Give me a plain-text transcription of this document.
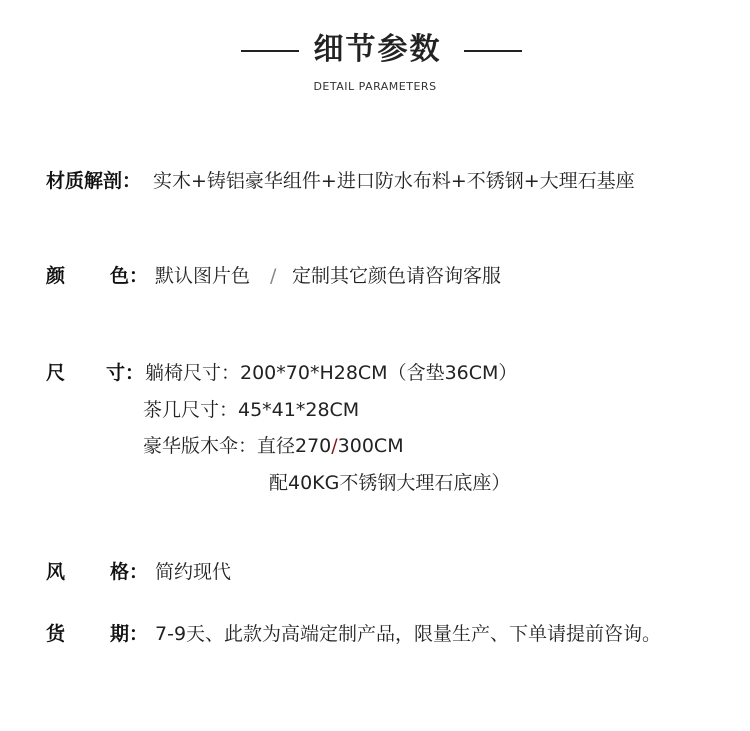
细节参数
DETAIL PARAMETERS
材质解剖： 实木+铸铝豪华组件+进口防水布料+不锈钢+大理石基座
颜 色： 默认图片色 / 定制其它颜色请咨询客服
尺 寸： 躺椅尺寸：200*70*H28CM（含垫36CM）
茶几尺寸：45*41*28CM
豪华版木伞：直径270/300CM
配40KG不锈钢大理石底座）
风 格： 简约现代
货 期： 7-9天、此款为高端定制产品，限量生产、下单请提前咨询。
